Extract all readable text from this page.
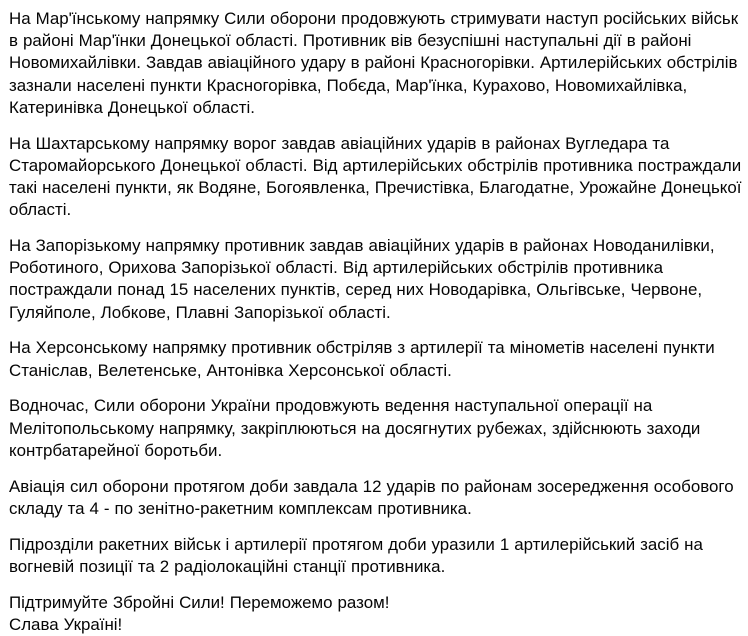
На Мар'їнському напрямку Сили оборони продовжують стримувати наступ російських військ в районі Мар'їнки Донецької області. Противник вів безуспішні наступальні дії в районі Новомихайлівки. Завдав авіаційного удару в районі Красногорівки. Артилерійських обстрілів зазнали населені пункти Красногорівка, Побєда, Мар'їнка, Курахово, Новомихайлівка, Катеринівка Донецької області.

На Шахтарському напрямку ворог завдав авіаційних ударів в районах Вугледара та Старомайорського Донецької області. Від артилерійських обстрілів противника постраждали такі населені пункти, як Водяне, Богоявленка, Пречистівка, Благодатне, Урожайне Донецької області.

На Запорізькому напрямку противник завдав авіаційних ударів в районах Новоданилівки, Роботиного, Орихова Запорізької області. Від артилерійських обстрілів противника постраждали понад 15 населених пунктів, серед них Новодарівка, Ольгівське, Червоне, Гуляйполе, Лобкове, Плавні Запорізької області.

На Херсонському напрямку противник обстріляв з артилерії та мінометів населені пункти Станіслав, Велетенське, Антонівка Херсонської області.

Водночас, Сили оборони України продовжують ведення наступальної операції на Мелітопольському напрямку, закріплюються на досягнутих рубежах, здійснюють заходи контрбатарейної боротьби.

Авіація сил оборони протягом доби завдала 12 ударів по районам зосередження особового складу та 4 - по зенітно-ракетним комплексам противника.

Підрозділи ракетних військ і артилерії протягом доби уразили 1 артилерійський засіб на вогневій позиції та 2 радіолокаційні станції противника.

Підтримуйте Збройні Сили! Переможемо разом!
Слава Україні!
